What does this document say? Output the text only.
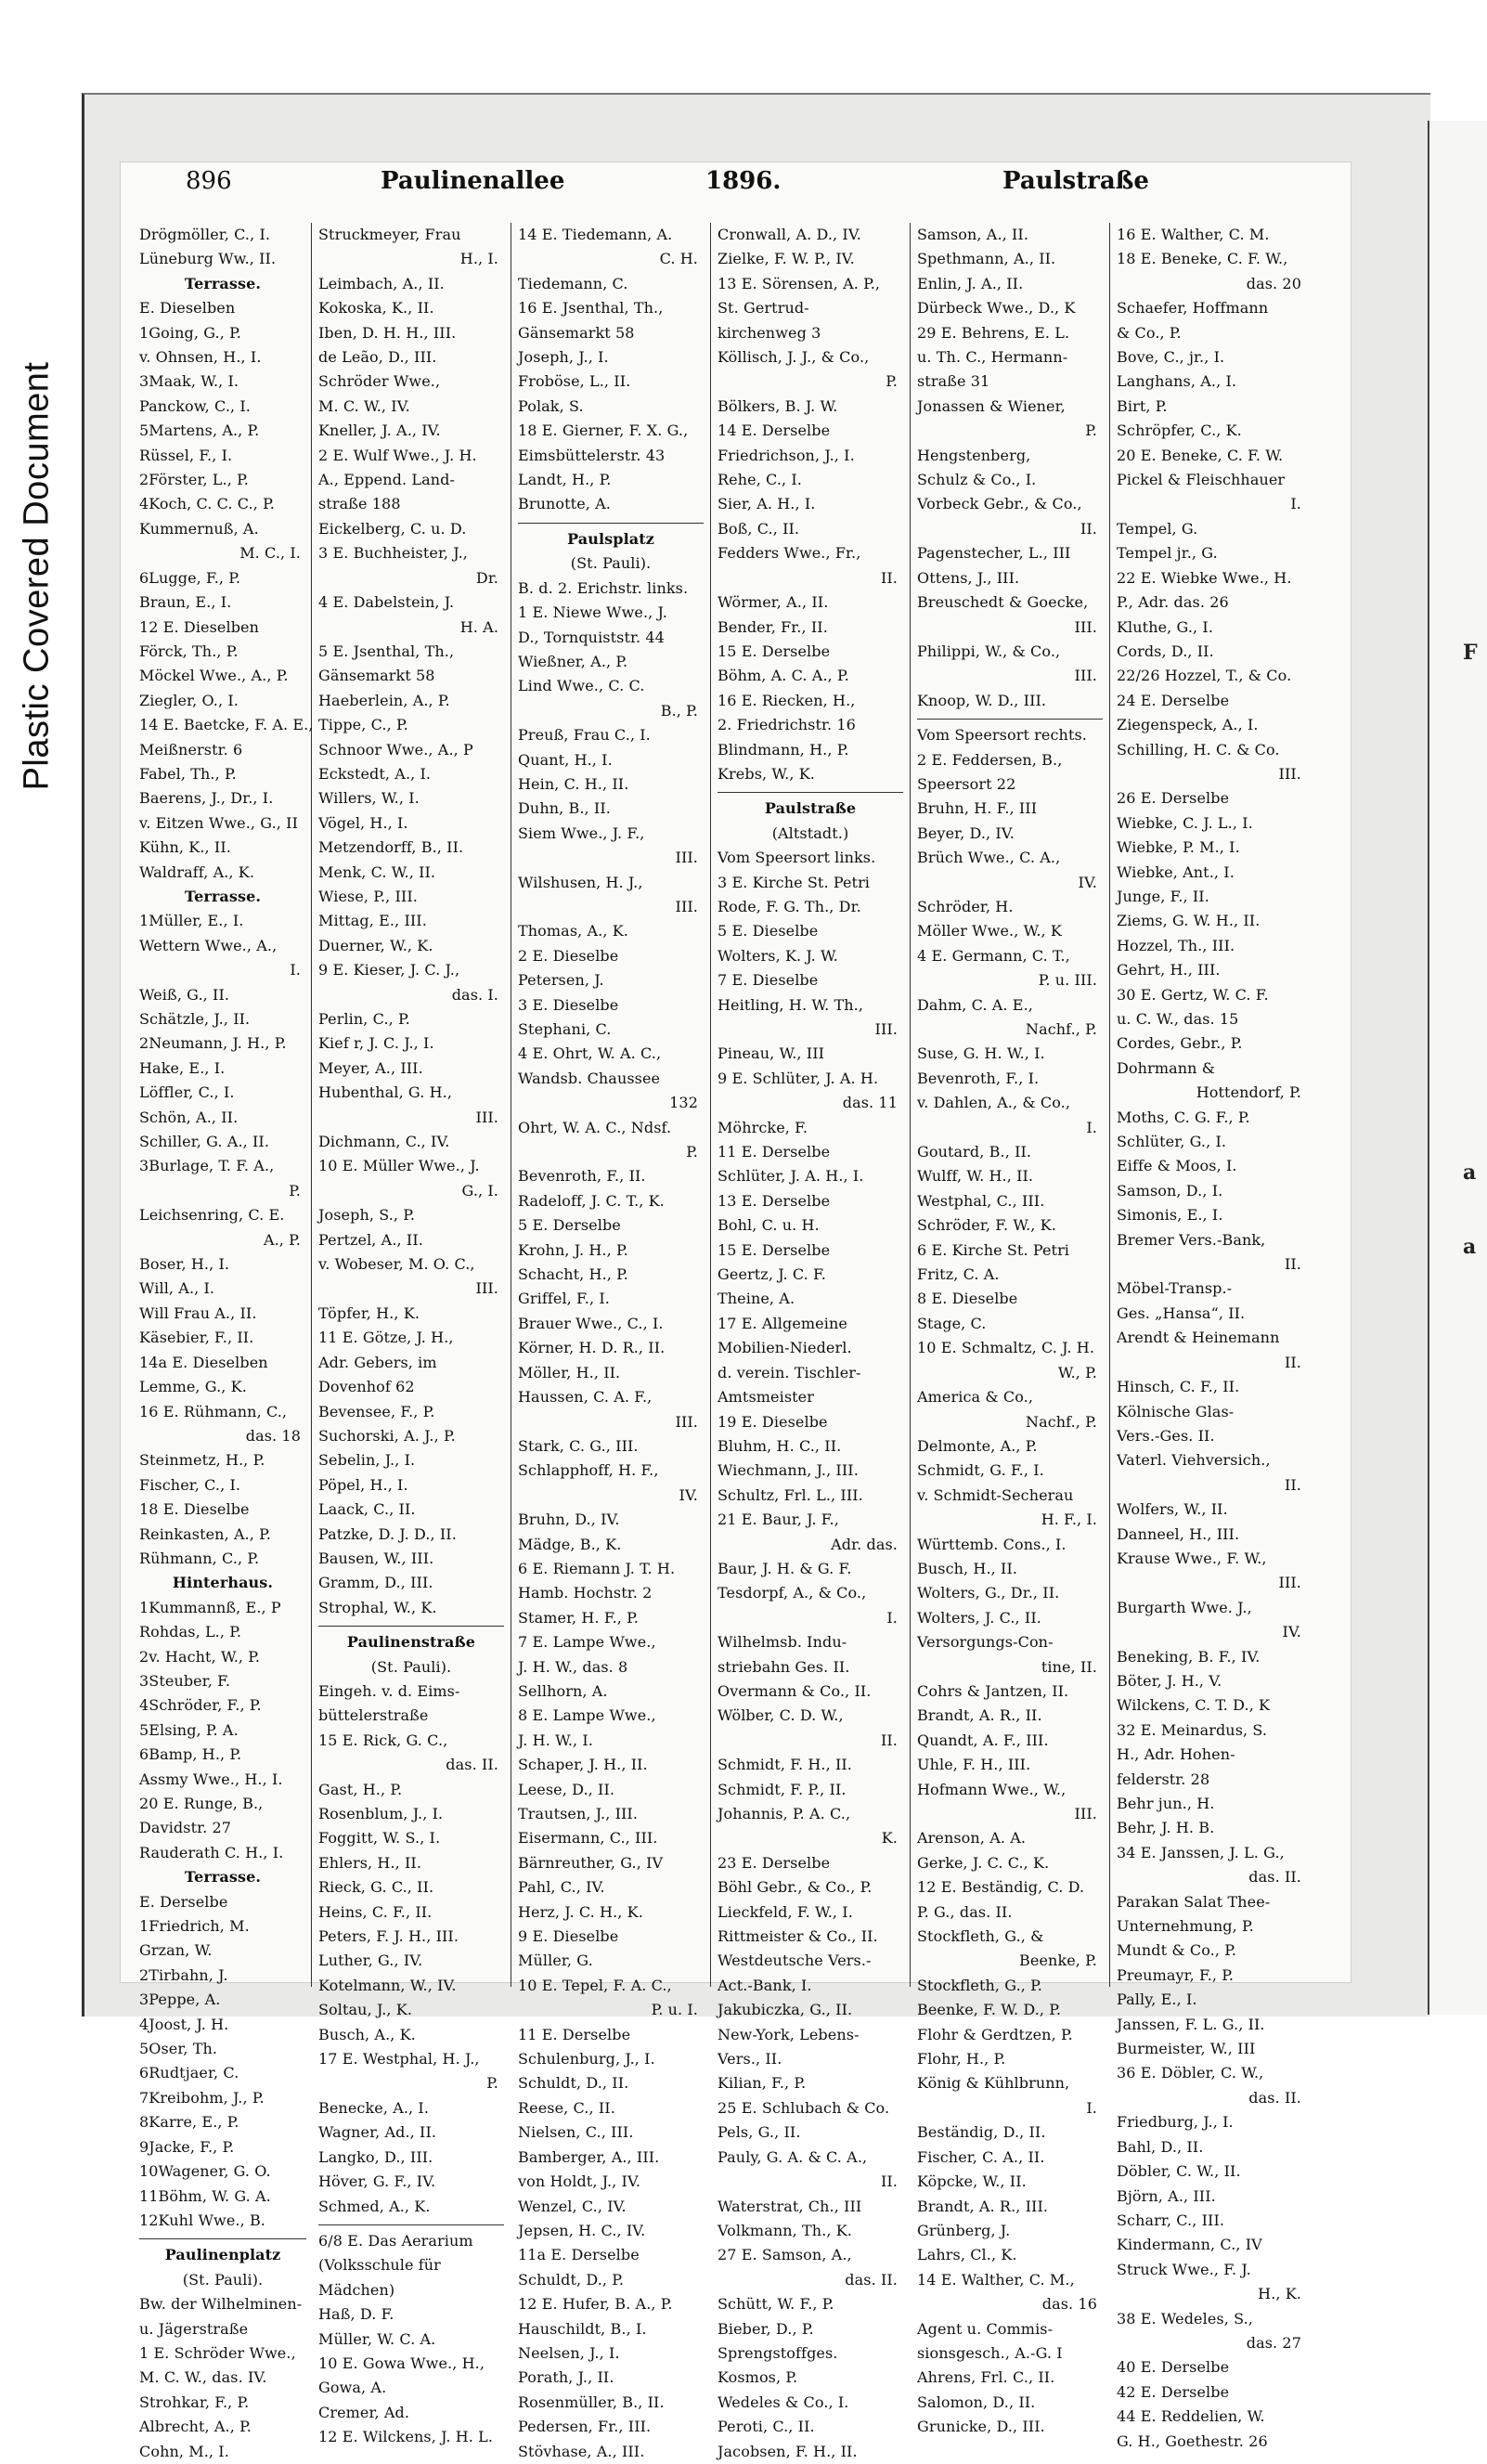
Plastic Covered Document	F
a
a
896	Paulinenallee	1896.	Paulstraße
Drögmöller, C., I.
Lüneburg Ww., II.
Terrasse.
E. Dieselben
1Going, G., P.
v. Ohnsen, H., I.
3Maak, W., I.
Panckow, C., I.
5Martens, A., P.
Rüssel, F., I.
2Förster, L., P.
4Koch, C. C. C., P.
Kummernuß, A.
M. C., I.
6Lugge, F., P.
Braun, E., I.
12 E. Dieselben
Förck, Th., P.
Möckel Wwe., A., P.
Ziegler, O., I.
14 E. Baetcke, F. A. E.,
Meißnerstr. 6
Fabel, Th., P.
Baerens, J., Dr., I.
v. Eitzen Wwe., G., II
Kühn, K., II.
Waldraff, A., K.
Terrasse.
1Müller, E., I.
Wettern Wwe., A.,
I.
Weiß, G., II.
Schätzle, J., II.
2Neumann, J. H., P.
Hake, E., I.
Löffler, C., I.
Schön, A., II.
Schiller, G. A., II.
3Burlage, T. F. A.,
P.
Leichsenring, C. E.
A., P.
Boser, H., I.
Will, A., I.
Will Frau A., II.
Käsebier, F., II.
14a E. Dieselben
Lemme, G., K.
16 E. Rühmann, C.,
das. 18
Steinmetz, H., P.
Fischer, C., I.
18 E. Dieselbe
Reinkasten, A., P.
Rühmann, C., P.
Hinterhaus.
1Kummannß, E., P
Rohdas, L., P.
2v. Hacht, W., P.
3Steuber, F.
4Schröder, F., P.
5Elsing, P. A.
6Bamp, H., P.
Assmy Wwe., H., I.
20 E. Runge, B.,
Davidstr. 27
Rauderath C. H., I.
Terrasse.
E. Derselbe
1Friedrich, M.
Grzan, W.
2Tirbahn, J.
3Peppe, A.
4Joost, J. H.
5Oser, Th.
6Rudtjaer, C.
7Kreibohm, J., P.
8Karre, E., P.
9Jacke, F., P.
10Wagener, G. O.
11Böhm, W. G. A.
12Kuhl Wwe., B.
Paulinenplatz
(St. Pauli).
Bw. der Wilhelminen-
u. Jägerstraße
1 E. Schröder Wwe.,
M. C. W., das. IV.
Strohkar, F., P.
Albrecht, A., P.
Cohn, M., I.
Struckmeyer, Frau
H., I.
Leimbach, A., II.
Kokoska, K., II.
Iben, D. H. H., III.
de Leão, D., III.
Schröder Wwe.,
M. C. W., IV.
Kneller, J. A., IV.
2 E. Wulf Wwe., J. H.
A., Eppend. Land-
straße 188
Eickelberg, C. u. D.
3 E. Buchheister, J.,
Dr.
4 E. Dabelstein, J.
H. A.
5 E. Jsenthal, Th.,
Gänsemarkt 58
Haeberlein, A., P.
Tippe, C., P.
Schnoor Wwe., A., P
Eckstedt, A., I.
Willers, W., I.
Vögel, H., I.
Metzendorff, B., II.
Menk, C. W., II.
Wiese, P., III.
Mittag, E., III.
Duerner, W., K.
9 E. Kieser, J. C. J.,
das. I.
Perlin, C., P.
Kief r, J. C. J., I.
Meyer, A., III.
Hubenthal, G. H.,
III.
Dichmann, C., IV.
10 E. Müller Wwe., J.
G., I.
Joseph, S., P.
Pertzel, A., II.
v. Wobeser, M. O. C.,
III.
Töpfer, H., K.
11 E. Götze, J. H.,
Adr. Gebers, im
Dovenhof 62
Bevensee, F., P.
Suchorski, A. J., P.
Sebelin, J., I.
Pöpel, H., I.
Laack, C., II.
Patzke, D. J. D., II.
Bausen, W., III.
Gramm, D., III.
Strophal, W., K.
Paulinenstraße
(St. Pauli).
Eingeh. v. d. Eims-
büttelerstraße
15 E. Rick, G. C.,
das. II.
Gast, H., P.
Rosenblum, J., I.
Foggitt, W. S., I.
Ehlers, H., II.
Rieck, G. C., II.
Heins, C. F., II.
Peters, F. J. H., III.
Luther, G., IV.
Kotelmann, W., IV.
Soltau, J., K.
Busch, A., K.
17 E. Westphal, H. J.,
P.
Benecke, A., I.
Wagner, Ad., II.
Langko, D., III.
Höver, G. F., IV.
Schmed, A., K.
6/8 E. Das Aerarium
(Volksschule für
Mädchen)
Haß, D. F.
Müller, W. C. A.
10 E. Gowa Wwe., H.,
Gowa, A.
Cremer, Ad.
12 E. Wilckens, J. H. L.
14 E. Tiedemann, A.
C. H.
Tiedemann, C.
16 E. Jsenthal, Th.,
Gänsemarkt 58
Joseph, J., I.
Froböse, L., II.
Polak, S.
18 E. Gierner, F. X. G.,
Eimsbüttelerstr. 43
Landt, H., P.
Brunotte, A.
Paulsplatz
(St. Pauli).
B. d. 2. Erichstr. links.
1 E. Niewe Wwe., J.
D., Tornquiststr. 44
Wießner, A., P.
Lind Wwe., C. C.
B., P.
Preuß, Frau C., I.
Quant, H., I.
Hein, C. H., II.
Duhn, B., II.
Siem Wwe., J. F.,
III.
Wilshusen, H. J.,
III.
Thomas, A., K.
2 E. Dieselbe
Petersen, J.
3 E. Dieselbe
Stephani, C.
4 E. Ohrt, W. A. C.,
Wandsb. Chaussee
132
Ohrt, W. A. C., Ndsf.
P.
Bevenroth, F., II.
Radeloff, J. C. T., K.
5 E. Derselbe
Krohn, J. H., P.
Schacht, H., P.
Griffel, F., I.
Brauer Wwe., C., I.
Körner, H. D. R., II.
Möller, H., II.
Haussen, C. A. F.,
III.
Stark, C. G., III.
Schlapphoff, H. F.,
IV.
Bruhn, D., IV.
Mädge, B., K.
6 E. Riemann J. T. H.
Hamb. Hochstr. 2
Stamer, H. F., P.
7 E. Lampe Wwe.,
J. H. W., das. 8
Sellhorn, A.
8 E. Lampe Wwe.,
J. H. W., I.
Schaper, J. H., II.
Leese, D., II.
Trautsen, J., III.
Eisermann, C., III.
Bärnreuther, G., IV
Pahl, C., IV.
Herz, J. C. H., K.
9 E. Dieselbe
Müller, G.
10 E. Tepel, F. A. C.,
P. u. I.
11 E. Derselbe
Schulenburg, J., I.
Schuldt, D., II.
Reese, C., II.
Nielsen, C., III.
Bamberger, A., III.
von Holdt, J., IV.
Wenzel, C., IV.
Jepsen, H. C., IV.
11a E. Derselbe
Schuldt, D., P.
12 E. Hufer, B. A., P.
Hauschildt, B., I.
Neelsen, J., I.
Porath, J., II.
Rosenmüller, B., II.
Pedersen, Fr., III.
Stövhase, A., III.
Cronwall, A. D., IV.
Zielke, F. W. P., IV.
13 E. Sörensen, A. P.,
St. Gertrud-
kirchenweg 3
Köllisch, J. J., & Co.,
P.
Bölkers, B. J. W.
14 E. Derselbe
Friedrichson, J., I.
Rehe, C., I.
Sier, A. H., I.
Boß, C., II.
Fedders Wwe., Fr.,
II.
Wörmer, A., II.
Bender, Fr., II.
15 E. Derselbe
Böhm, A. C. A., P.
16 E. Riecken, H.,
2. Friedrichstr. 16
Blindmann, H., P.
Krebs, W., K.
Paulstraße
(Altstadt.)
Vom Speersort links.
3 E. Kirche St. Petri
Rode, F. G. Th., Dr.
5 E. Dieselbe
Wolters, K. J. W.
7 E. Dieselbe
Heitling, H. W. Th.,
III.
Pineau, W., III
9 E. Schlüter, J. A. H.
das. 11
Möhrcke, F.
11 E. Derselbe
Schlüter, J. A. H., I.
13 E. Derselbe
Bohl, C. u. H.
15 E. Derselbe
Geertz, J. C. F.
Theine, A.
17 E. Allgemeine
Mobilien-Niederl.
d. verein. Tischler-
Amtsmeister
19 E. Dieselbe
Bluhm, H. C., II.
Wiechmann, J., III.
Schultz, Frl. L., III.
21 E. Baur, J. F.,
Adr. das.
Baur, J. H. & G. F.
Tesdorpf, A., & Co.,
I.
Wilhelmsb. Indu-
striebahn Ges. II.
Overmann & Co., II.
Wölber, C. D. W.,
II.
Schmidt, F. H., II.
Schmidt, F. P., II.
Johannis, P. A. C.,
K.
23 E. Derselbe
Böhl Gebr., & Co., P.
Lieckfeld, F. W., I.
Rittmeister & Co., II.
Westdeutsche Vers.-
Act.-Bank, I.
Jakubiczka, G., II.
New-York, Lebens-
Vers., II.
Kilian, F., P.
25 E. Schlubach & Co.
Pels, G., II.
Pauly, G. A. & C. A.,
II.
Waterstrat, Ch., III
Volkmann, Th., K.
27 E. Samson, A.,
das. II.
Schütt, W. F., P.
Bieber, D., P.
Sprengstoffges.
Kosmos, P.
Wedeles & Co., I.
Peroti, C., II.
Jacobsen, F. H., II.
Samson, A., II.
Spethmann, A., II.
Enlin, J. A., II.
Dürbeck Wwe., D., K
29 E. Behrens, E. L.
u. Th. C., Hermann-
straße 31
Jonassen & Wiener,
P.
Hengstenberg,
Schulz & Co., I.
Vorbeck Gebr., & Co.,
II.
Pagenstecher, L., III
Ottens, J., III.
Breuschedt & Goecke,
III.
Philippi, W., & Co.,
III.
Knoop, W. D., III.
Vom Speersort rechts.
2 E. Feddersen, B.,
Speersort 22
Bruhn, H. F., III
Beyer, D., IV.
Brüch Wwe., C. A.,
IV.
Schröder, H.
Möller Wwe., W., K
4 E. Germann, C. T.,
P. u. III.
Dahm, C. A. E.,
Nachf., P.
Suse, G. H. W., I.
Bevenroth, F., I.
v. Dahlen, A., & Co.,
I.
Goutard, B., II.
Wulff, W. H., II.
Westphal, C., III.
Schröder, F. W., K.
6 E. Kirche St. Petri
Fritz, C. A.
8 E. Dieselbe
Stage, C.
10 E. Schmaltz, C. J. H.
W., P.
America & Co.,
Nachf., P.
Delmonte, A., P.
Schmidt, G. F., I.
v. Schmidt-Secherau
H. F., I.
Württemb. Cons., I.
Busch, H., II.
Wolters, G., Dr., II.
Wolters, J. C., II.
Versorgungs-Con-
tine, II.
Cohrs & Jantzen, II.
Brandt, A. R., II.
Quandt, A. F., III.
Uhle, F. H., III.
Hofmann Wwe., W.,
III.
Arenson, A. A.
Gerke, J. C. C., K.
12 E. Beständig, C. D.
P. G., das. II.
Stockfleth, G., &
Beenke, P.
Stockfleth, G., P.
Beenke, F. W. D., P.
Flohr & Gerdtzen, P.
Flohr, H., P.
König & Kühlbrunn,
I.
Beständig, D., II.
Fischer, C. A., II.
Köpcke, W., II.
Brandt, A. R., III.
Grünberg, J.
Lahrs, Cl., K.
14 E. Walther, C. M.,
das. 16
Agent u. Commis-
sionsgesch., A.-G. I
Ahrens, Frl. C., II.
Salomon, D., II.
Grunicke, D., III.
16 E. Walther, C. M.
18 E. Beneke, C. F. W.,
das. 20
Schaefer, Hoffmann
& Co., P.
Bove, C., jr., I.
Langhans, A., I.
Birt, P.
Schröpfer, C., K.
20 E. Beneke, C. F. W.
Pickel & Fleischhauer
I.
Tempel, G.
Tempel jr., G.
22 E. Wiebke Wwe., H.
P., Adr. das. 26
Kluthe, G., I.
Cords, D., II.
22/26 Hozzel, T., & Co.
24 E. Derselbe
Ziegenspeck, A., I.
Schilling, H. C. & Co.
III.
26 E. Derselbe
Wiebke, C. J. L., I.
Wiebke, P. M., I.
Wiebke, Ant., I.
Junge, F., II.
Ziems, G. W. H., II.
Hozzel, Th., III.
Gehrt, H., III.
30 E. Gertz, W. C. F.
u. C. W., das. 15
Cordes, Gebr., P.
Dohrmann &
Hottendorf, P.
Moths, C. G. F., P.
Schlüter, G., I.
Eiffe & Moos, I.
Samson, D., I.
Simonis, E., I.
Bremer Vers.-Bank,
II.
Möbel-Transp.-
Ges. „Hansa“, II.
Arendt & Heinemann
II.
Hinsch, C. F., II.
Kölnische Glas-
Vers.-Ges. II.
Vaterl. Viehversich.,
II.
Wolfers, W., II.
Danneel, H., III.
Krause Wwe., F. W.,
III.
Burgarth Wwe. J.,
IV.
Beneking, B. F., IV.
Böter, J. H., V.
Wilckens, C. T. D., K
32 E. Meinardus, S.
H., Adr. Hohen-
felderstr. 28
Behr jun., H.
Behr, J. H. B.
34 E. Janssen, J. L. G.,
das. II.
Parakan Salat Thee-
Unternehmung, P.
Mundt & Co., P.
Preumayr, F., P.
Pally, E., I.
Janssen, F. L. G., II.
Burmeister, W., III
36 E. Döbler, C. W.,
das. II.
Friedburg, J., I.
Bahl, D., II.
Döbler, C. W., II.
Björn, A., III.
Scharr, C., III.
Kindermann, C., IV
Struck Wwe., F. J.
H., K.
38 E. Wedeles, S.,
das. 27
40 E. Derselbe
42 E. Derselbe
44 E. Reddelien, W.
G. H., Goethestr. 26
